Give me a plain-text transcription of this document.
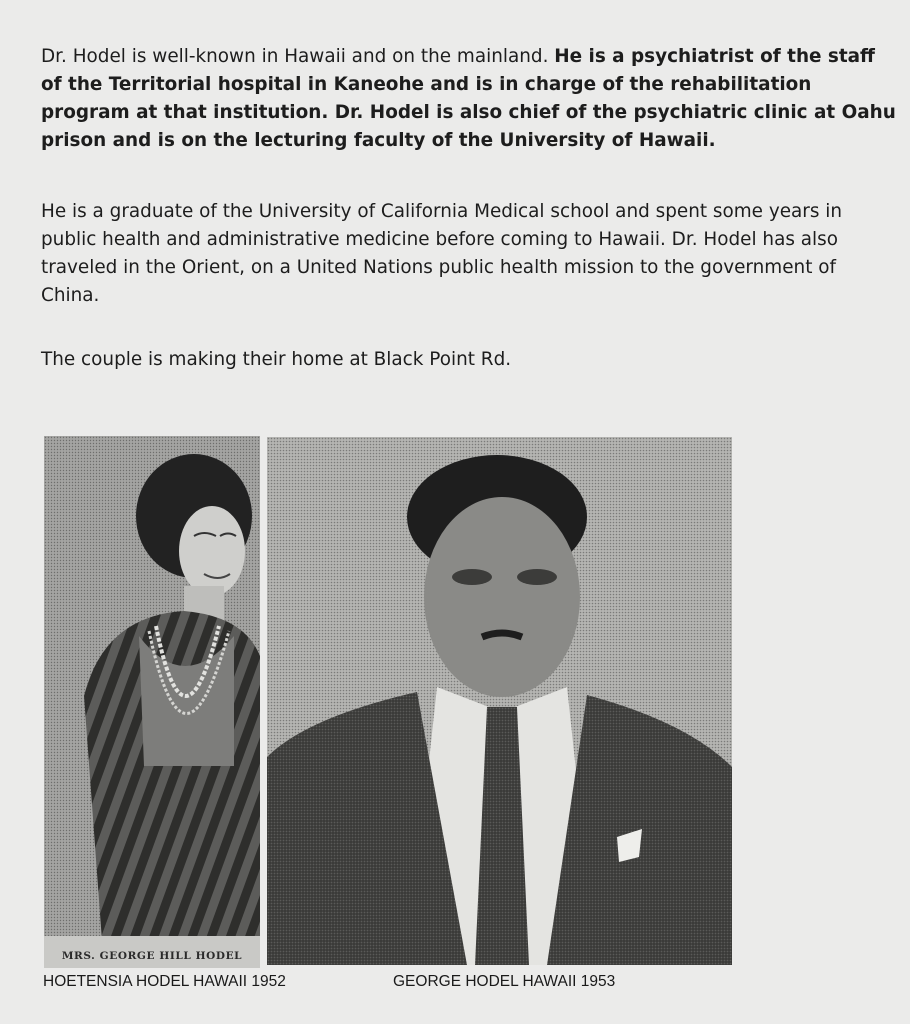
Dr. Hodel is well-known in Hawaii and on the mainland. He is a psychiatrist of the staff of the Territorial hospital in Kaneohe and is in charge of the rehabilitation program at that institution. Dr. Hodel is also chief of the psychiatric clinic at Oahu prison and is on the lecturing faculty of the University of Hawaii.

He is a graduate of the University of California Medical school and spent some years in public health and administrative medicine before coming to Hawaii. Dr. Hodel has also traveled in the Orient, on a United Nations public health mission to the government of China.

The couple is making their home at Black Point Rd.

MRS. GEORGE HILL HODEL
HOETENSIA HODEL HAWAII 1952	GEORGE HODEL HAWAII 1953
